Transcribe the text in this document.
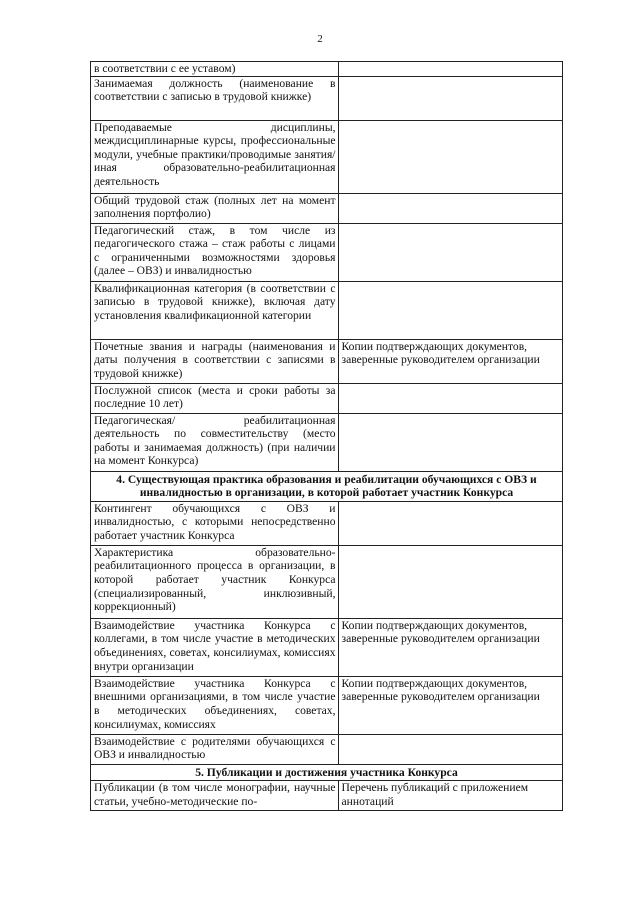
2
в соответствии с ее уставом)	
Занимаемая должность (наименование в соответствии с записью в трудовой книжке)	
Преподаваемые дисциплины, междисциплинарные курсы, профессиональные модули, учебные практики/проводимые занятия/ иная образовательно-реабилитационная деятельность	
Общий трудовой стаж (полных лет на момент заполнения портфолио)	
Педагогический стаж, в том числе из педагогического стажа – стаж работы с лицами с ограниченными возможностями здоровья (далее – ОВЗ) и инвалидностью	
Квалификационная категория (в соответствии с записью в трудовой книжке), включая дату установления квалификационной категории	
Почетные звания и награды (наименования и даты получения в соответствии с записями в трудовой книжке)	Копии подтверждающих документов, заверенные руководителем организации
Послужной список (места и сроки работы за последние 10 лет)	
Педагогическая/ реабилитационная деятельность по совместительству (место работы и занимаемая должность) (при наличии на момент Конкурса)	
4. Существующая практика образования и реабилитации обучающихся с ОВЗ и инвалидностью в организации, в которой работает участник Конкурса	
Контингент обучающихся с ОВЗ и инвалидностью, с которыми непосредственно работает участник Конкурса	
Характеристика образовательно-реабилитационного процесса в организации, в которой работает участник Конкурса (специализированный, инклюзивный, коррекционный)	
Взаимодействие участника Конкурса с коллегами, в том числе участие в методических объединениях, советах, консилиумах, комиссиях внутри организации	Копии подтверждающих документов, заверенные руководителем организации
Взаимодействие участника Конкурса с внешними организациями, в том числе участие в методических объединениях, советах, консилиумах, комиссиях	Копии подтверждающих документов, заверенные руководителем организации
Взаимодействие с родителями обучающихся с ОВЗ и инвалидностью	
5. Публикации и достижения участника Конкурса	
Публикации (в том числе монографии, научные статьи, учебно-методические по-	Перечень публикаций с приложением аннотаций
